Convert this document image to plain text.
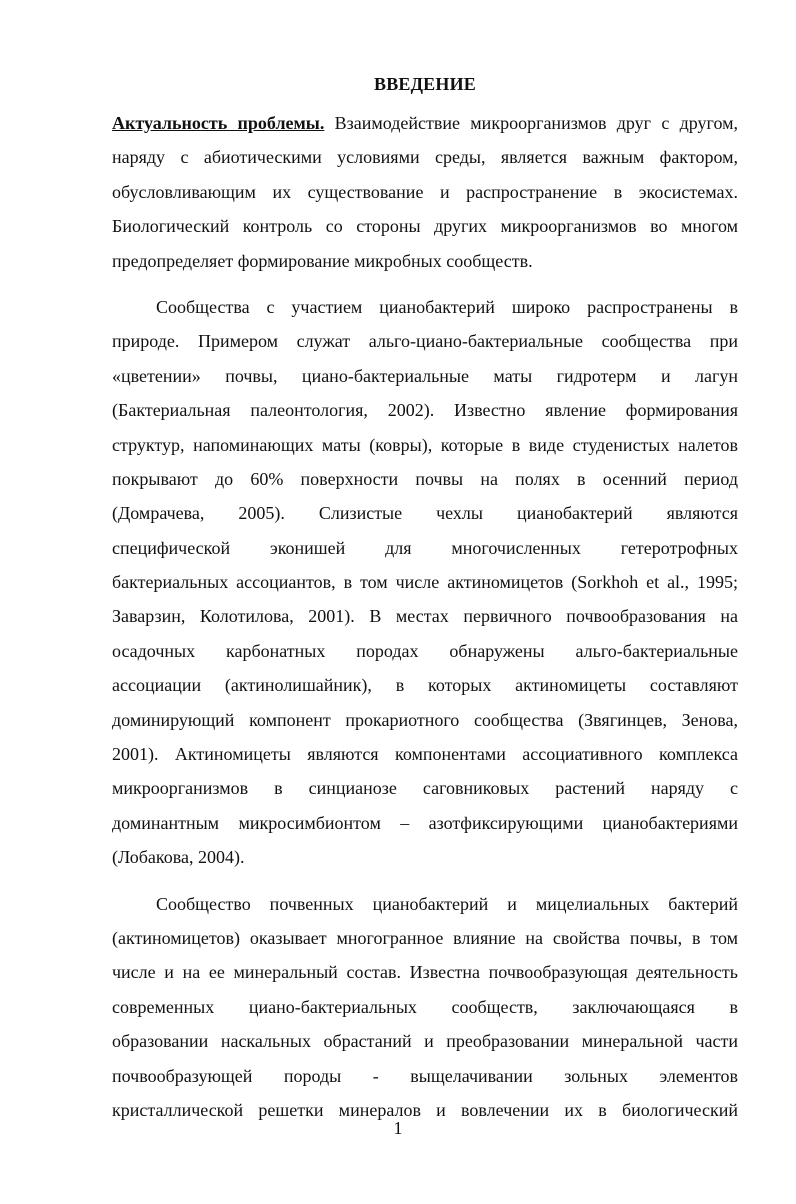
ВВЕДЕНИЕ
Актуальность проблемы. Взаимодействие микроорганизмов друг с другом,
наряду с абиотическими условиями среды, является важным фактором,
обусловливающим их существование и распространение в экосистемах.
Биологический контроль со стороны других микроорганизмов во многом
предопределяет формирование микробных сообществ.
Сообщества с участием цианобактерий широко распространены в
природе. Примером служат альго-циано-бактериальные сообщества при
«цветении» почвы, циано-бактериальные маты гидротерм и лагун
(Бактериальная палеонтология, 2002). Известно явление формирования
структур, напоминающих маты (ковры), которые в виде студенистых налетов
покрывают до 60% поверхности почвы на полях в осенний период
(Домрачева, 2005). Слизистые чехлы цианобактерий являются
специфической эконишей для многочисленных гетеротрофных
бактериальных ассоциантов, в том числе актиномицетов (Sorkhoh et al., 1995;
Заварзин, Колотилова, 2001). В местах первичного почвообразования на
осадочных карбонатных породах обнаружены альго-бактериальные
ассоциации (актинолишайник), в которых актиномицеты составляют
доминирующий компонент прокариотного сообщества (Звягинцев, Зенова,
2001). Актиномицеты являются компонентами ассоциативного комплекса
микроорганизмов в синцианозе саговниковых растений наряду с
доминантным микросимбионтом – азотфиксирующими цианобактериями
(Лобакова, 2004).
Сообщество почвенных цианобактерий и мицелиальных бактерий
(актиномицетов) оказывает многогранное влияние на свойства почвы, в том
числе и на ее минеральный состав. Известна почвообразующая деятельность
современных циано-бактериальных сообществ, заключающаяся в
образовании наскальных обрастаний и преобразовании минеральной части
почвообразующей породы - выщелачивании зольных элементов
кристаллической решетки минералов и вовлечении их в биологический
1
